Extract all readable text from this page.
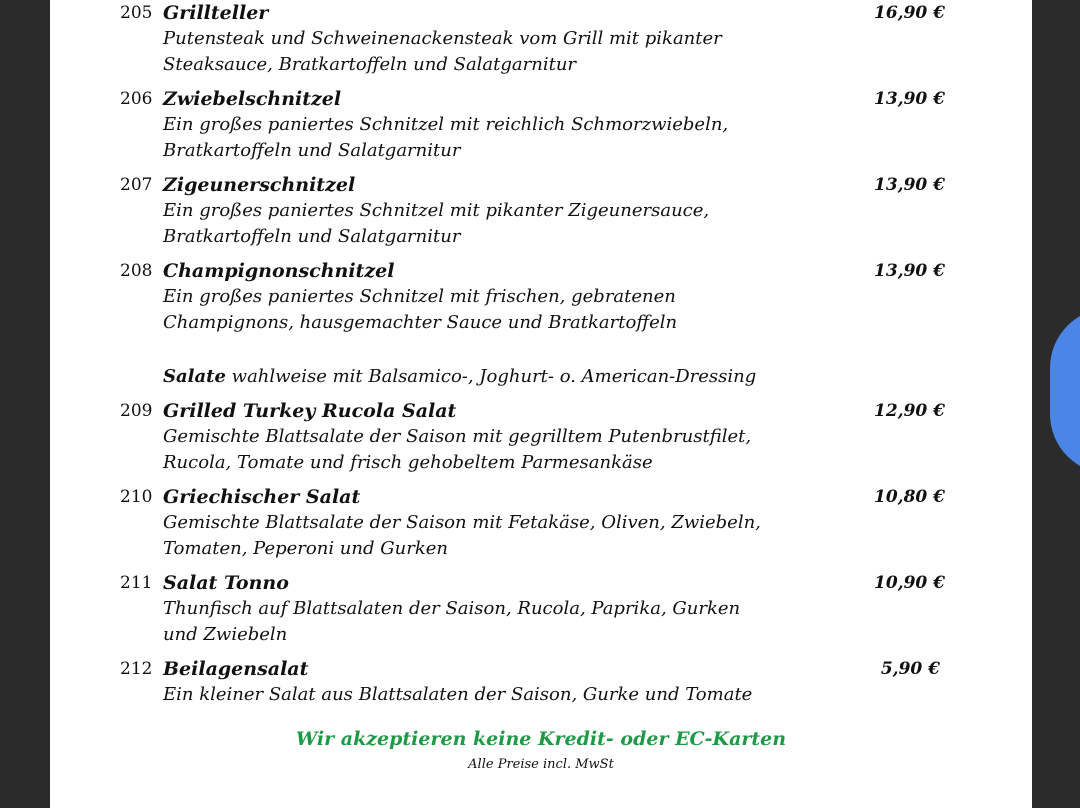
205 Grillteller	16,90 €
Putensteak und Schweinenackensteak vom Grill mit pikanter
Steaksauce, Bratkartoffeln und Salatgarnitur
206 Zwiebelschnitzel	13,90 €
Ein großes paniertes Schnitzel mit reichlich Schmorzwiebeln,
Bratkartoffeln und Salatgarnitur
207 Zigeunerschnitzel	13,90 €
Ein großes paniertes Schnitzel mit pikanter Zigeunersauce,
Bratkartoffeln und Salatgarnitur
208 Champignonschnitzel	13,90 €
Ein großes paniertes Schnitzel mit frischen, gebratenen
Champignons, hausgemachter Sauce und Bratkartoffeln
Salate wahlweise mit Balsamico-, Joghurt- o. American-Dressing
209 Grilled Turkey Rucola Salat	12,90 €
Gemischte Blattsalate der Saison mit gegrilltem Putenbrustfilet,
Rucola, Tomate und frisch gehobeltem Parmesankäse
210 Griechischer Salat	10,80 €
Gemischte Blattsalate der Saison mit Fetakäse, Oliven, Zwiebeln,
Tomaten, Peperoni und Gurken
211 Salat Tonno	10,90 €
Thunfisch auf Blattsalaten der Saison, Rucola, Paprika, Gurken
und Zwiebeln
212 Beilagensalat	5,90 €
Ein kleiner Salat aus Blattsalaten der Saison, Gurke und Tomate
Wir akzeptieren keine Kredit- oder EC-Karten
Alle Preise incl. MwSt
